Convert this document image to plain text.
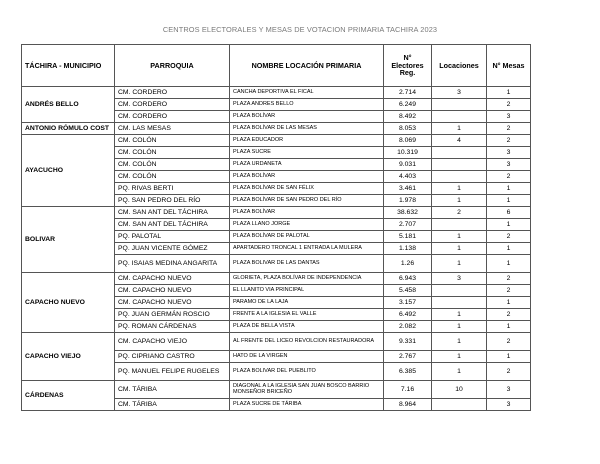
CENTROS ELECTORALES Y MESAS DE VOTACION PRIMARIA TACHIRA 2023
TÁCHIRA - MUNICIPIO	PARROQUIA	NOMBRE LOCACIÓN PRIMARIA	N° Electores Reg.	Locaciones	N° Mesas
ANDRÉS BELLO	CM. CORDERO	CANCHA DEPORTIVA EL FICAL	2.714	3	1
	CM. CORDERO	PLAZA ANDRES BELLO	6.249		2
	CM. CORDERO	PLAZA BOLÍVAR	8.492		3
ANTONIO RÓMULO COST	CM. LAS MESAS	PLAZA BOLÍVAR DE LAS MESAS	8.053	1	2
AYACUCHO	CM. COLÓN	PLAZA EDUCADOR	8.069	4	2
	CM. COLÓN	PLAZA SUCRE	10.319		3
	CM. COLÓN	PLAZA URDANETA	9.031		3
	CM. COLÓN	PLAZA BOLÍVAR	4.403		2
	PQ. RIVAS BERTI	PLAZA BOLÍVAR DE SAN FÉLIX	3.461	1	1
	PQ. SAN PEDRO DEL RÍO	PLAZA BOLÍVAR DE SAN PEDRO DEL RÍO	1.978	1	1
BOLIVAR	CM. SAN ANT DEL TÁCHIRA	PLAZA BOLÍVAR	38.632	2	6
	CM. SAN ANT DEL TÁCHIRA	PLAZA LLANO JORGE	2.707		1
	PQ. PALOTAL	PLAZA BOLÍVAR DE PALOTAL	5.181	1	2
	PQ. JUAN VICENTE GÓMEZ	APARTADERO TRONCAL 1 ENTRADA LA MULERA	1.138	1	1
	PQ. ISAIAS MEDINA ANGARITA	PLAZA BOLIVAR DE LAS DANTAS	1.26	1	1
CAPACHO NUEVO	CM. CAPACHO NUEVO	GLORIETA, PLAZA BOLÍVAR DE INDEPENDENCIA	6.943	3	2
	CM. CAPACHO NUEVO	EL LLANITO VIA PRINCIPAL	5.458		2
	CM. CAPACHO NUEVO	PARAMO DE LA LAJA	3.157		1
	PQ. JUAN GERMÁN ROSCIO	FRENTE A LA IGLESIA EL VALLE	6.492	1	2
	PQ. ROMAN CÁRDENAS	PLAZA DE BELLA VISTA	2.082	1	1
CAPACHO VIEJO	CM. CAPACHO VIEJO	AL FRENTE DEL LICEO REVOLCION RESTAURADORA	9.331	1	2
	PQ. CIPRIANO CASTRO	HATO DE LA VIRGEN	2.767	1	1
	PQ. MANUEL FELIPE RUGELES	PLAZA BOLIVAR DEL PUEBLITO	6.385	1	2
CÁRDENAS	CM. TÁRIBA	DIAGONAL A LA IGLESIA SAN JUAN BOSCO BARRIO MONSEÑOR BRICEÑO	7.16	10	3
	CM. TÁRIBA	PLAZA SUCRE DE TÁRIBA	8.964		3
